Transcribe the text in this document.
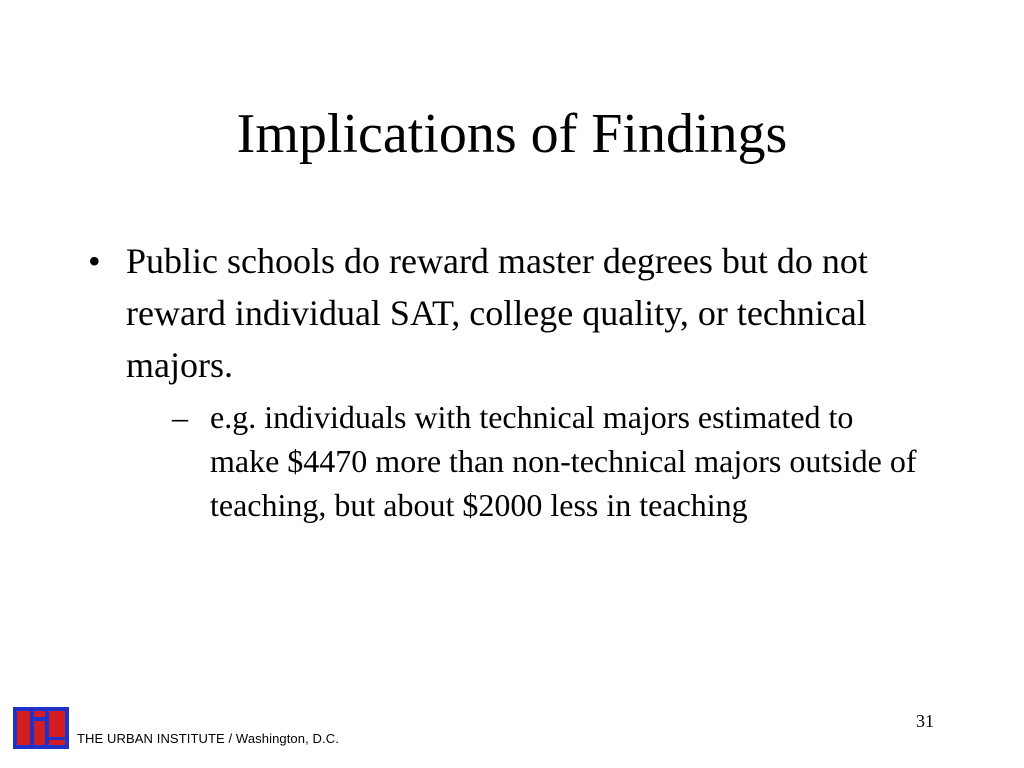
Implications of Findings
• Public schools do reward master degrees but do not reward individual SAT, college quality, or technical majors.
– e.g. individuals with technical majors estimated to make $4470 more than non-technical majors outside of teaching, but about $2000 less in teaching
THE URBAN INSTITUTE / Washington, D.C.
31
